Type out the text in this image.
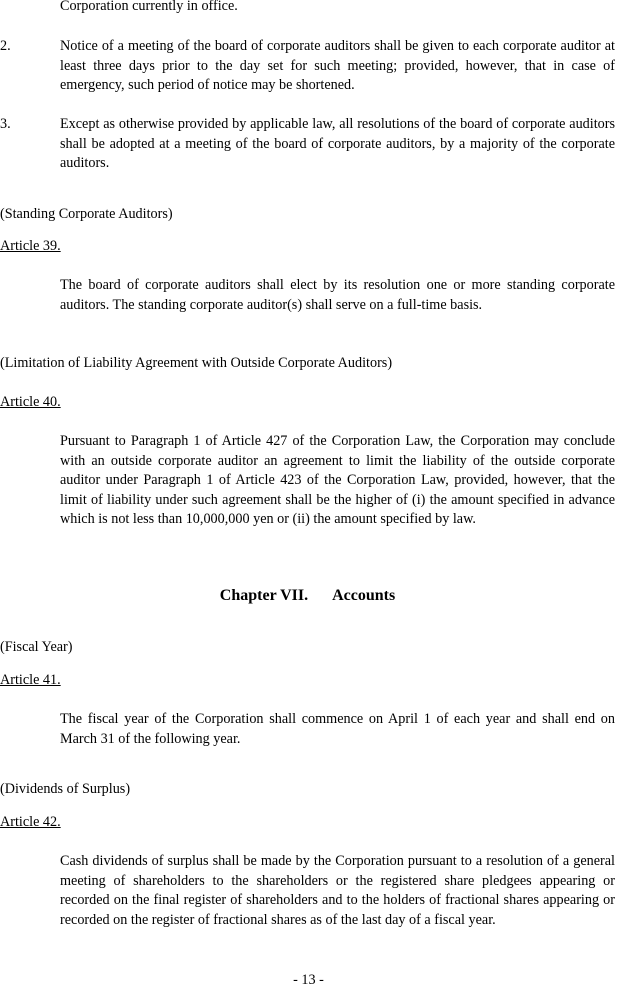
Corporation currently in office.

2.	Notice of a meeting of the board of corporate auditors shall be given to each corporate auditor at least three days prior to the day set for such meeting; provided, however, that in case of emergency, such period of notice may be shortened.
3.	Except as otherwise provided by applicable law, all resolutions of the board of corporate auditors shall be adopted at a meeting of the board of corporate auditors, by a majority of the corporate auditors.

(Standing Corporate Auditors)

Article 39.

The board of corporate auditors shall elect by its resolution one or more standing corporate auditors. The standing corporate auditor(s) shall serve on a full-time basis.

(Limitation of Liability Agreement with Outside Corporate Auditors)

Article 40.

Pursuant to Paragraph 1 of Article 427 of the Corporation Law, the Corporation may conclude with an outside corporate auditor an agreement to limit the liability of the outside corporate auditor under Paragraph 1 of Article 423 of the Corporation Law, provided, however, that the limit of liability under such agreement shall be the higher of (i) the amount specified in advance which is not less than 10,000,000 yen or (ii) the amount specified by law.

Chapter VII. Accounts

(Fiscal Year)

Article 41.

The fiscal year of the Corporation shall commence on April 1 of each year and shall end on March 31 of the following year.

(Dividends of Surplus)

Article 42.

Cash dividends of surplus shall be made by the Corporation pursuant to a resolution of a general meeting of shareholders to the shareholders or the registered share pledgees appearing or recorded on the final register of shareholders and to the holders of fractional shares appearing or recorded on the register of fractional shares as of the last day of a fiscal year.

- 13 -
